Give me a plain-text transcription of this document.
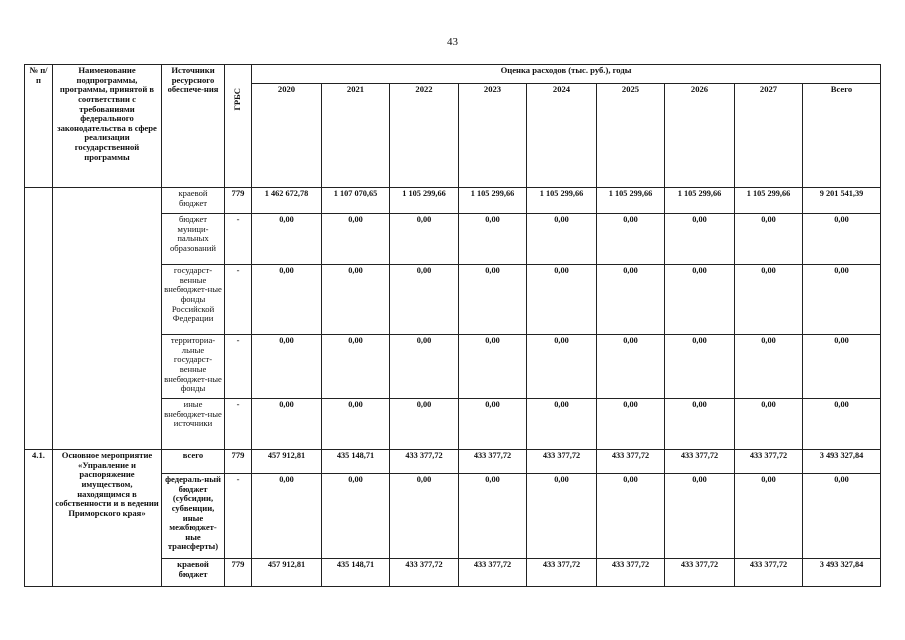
43
№ п/п	Наименование подпрограммы, программы, принятой в соответствии с требованиями федерального законодательства в сфере реализации государственной программы	Источники ресурсного обеспече-ния	ГРБС	Оценка расходов (тыс. руб.), годы								
				2020	2021	2022	2023	2024	2025	2026	2027	Всего
		краевой бюджет	779	1 462 672,78	1 107 070,65	1 105 299,66	1 105 299,66	1 105 299,66	1 105 299,66	1 105 299,66	1 105 299,66	9 201 541,39
		бюджет муници-пальных образований	-	0,00	0,00	0,00	0,00	0,00	0,00	0,00	0,00	0,00
		государст-венные внебюджет-ные фонды Российской Федерации	-	0,00	0,00	0,00	0,00	0,00	0,00	0,00	0,00	0,00
		территориа-льные государст-венные внебюджет-ные фонды	-	0,00	0,00	0,00	0,00	0,00	0,00	0,00	0,00	0,00
		иные внебюджет-ные источники	-	0,00	0,00	0,00	0,00	0,00	0,00	0,00	0,00	0,00
4.1.	Основное мероприятие «Управление и распоряжение имуществом, находящимся в собственности и в ведении Приморского края»	всего	779	457 912,81	435 148,71	433 377,72	433 377,72	433 377,72	433 377,72	433 377,72	433 377,72	3 493 327,84
		федераль-ный бюджет (субсидии, субвенции, иные межбюджет-ные трансферты)	-	0,00	0,00	0,00	0,00	0,00	0,00	0,00	0,00	0,00
		краевой бюджет	779	457 912,81	435 148,71	433 377,72	433 377,72	433 377,72	433 377,72	433 377,72	433 377,72	3 493 327,84
